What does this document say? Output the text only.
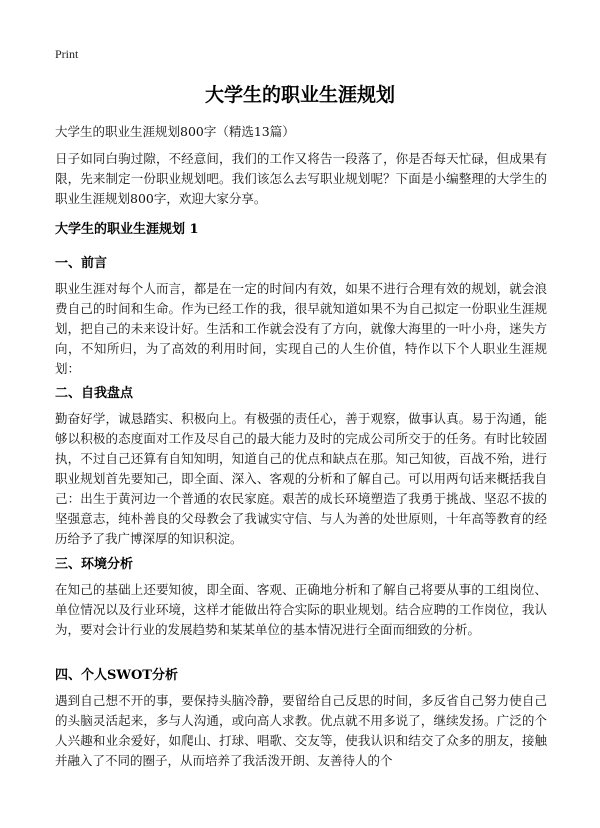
Print
大学生的职业生涯规划
大学生的职业生涯规划800字（精选13篇）

日子如同白驹过隙，不经意间，我们的工作又将告一段落了，你是否每天忙碌，但成果有限，先来制定一份职业规划吧。我们该怎么去写职业规划呢？下面是小编整理的大学生的职业生涯规划800字，欢迎大家分享。

大学生的职业生涯规划 1
一、前言

职业生涯对每个人而言，都是在一定的时间内有效，如果不进行合理有效的规划，就会浪费自己的时间和生命。作为已经工作的我，很早就知道如果不为自己拟定一份职业生涯规划，把自己的未来设计好。生活和工作就会没有了方向，就像大海里的一叶小舟，迷失方向，不知所归，为了高效的利用时间，实现自己的人生价值，特作以下个人职业生涯规划：

二、自我盘点

勤奋好学，诚恳踏实、积极向上。有极强的责任心，善于观察，做事认真。易于沟通，能够以积极的态度面对工作及尽自己的最大能力及时的完成公司所交于的任务。有时比较固执，不过自己还算有自知知明，知道自己的优点和缺点在那。知己知彼，百战不殆，进行职业规划首先要知己，即全面、深入、客观的分析和了解自己。可以用两句话来概括我自己：出生于黄河边一个普通的农民家庭。艰苦的成长环境塑造了我勇于挑战、坚忍不拔的 坚强意志，纯朴善良的父母教会了我诚实守信、与人为善的处世原则，十年高等教育的经历给予了我广博深厚的知识积淀。

三、环境分析

在知己的基础上还要知彼，即全面、客观、正确地分析和了解自己将要从事的工组岗位、单位情况以及行业环境，这样才能做出符合实际的职业规划。结合应聘的工作岗位，我认为，要对会计行业的发展趋势和某某单位的基本情况进行全面而细致的分析。

四、个人SWOT分析

遇到自己想不开的事，要保持头脑冷静，要留给自己反思的时间，多反省自己努力使自己的头脑灵活起来，多与人沟通，或向高人求教。优点就不用多说了，继续发扬。广泛的个人兴趣和业余爱好，如爬山、打球、唱歌、交友等，使我认识和结交了众多的朋友，接触并融入了不同的圈子，从而培养了我活泼开朗、友善待人的个
